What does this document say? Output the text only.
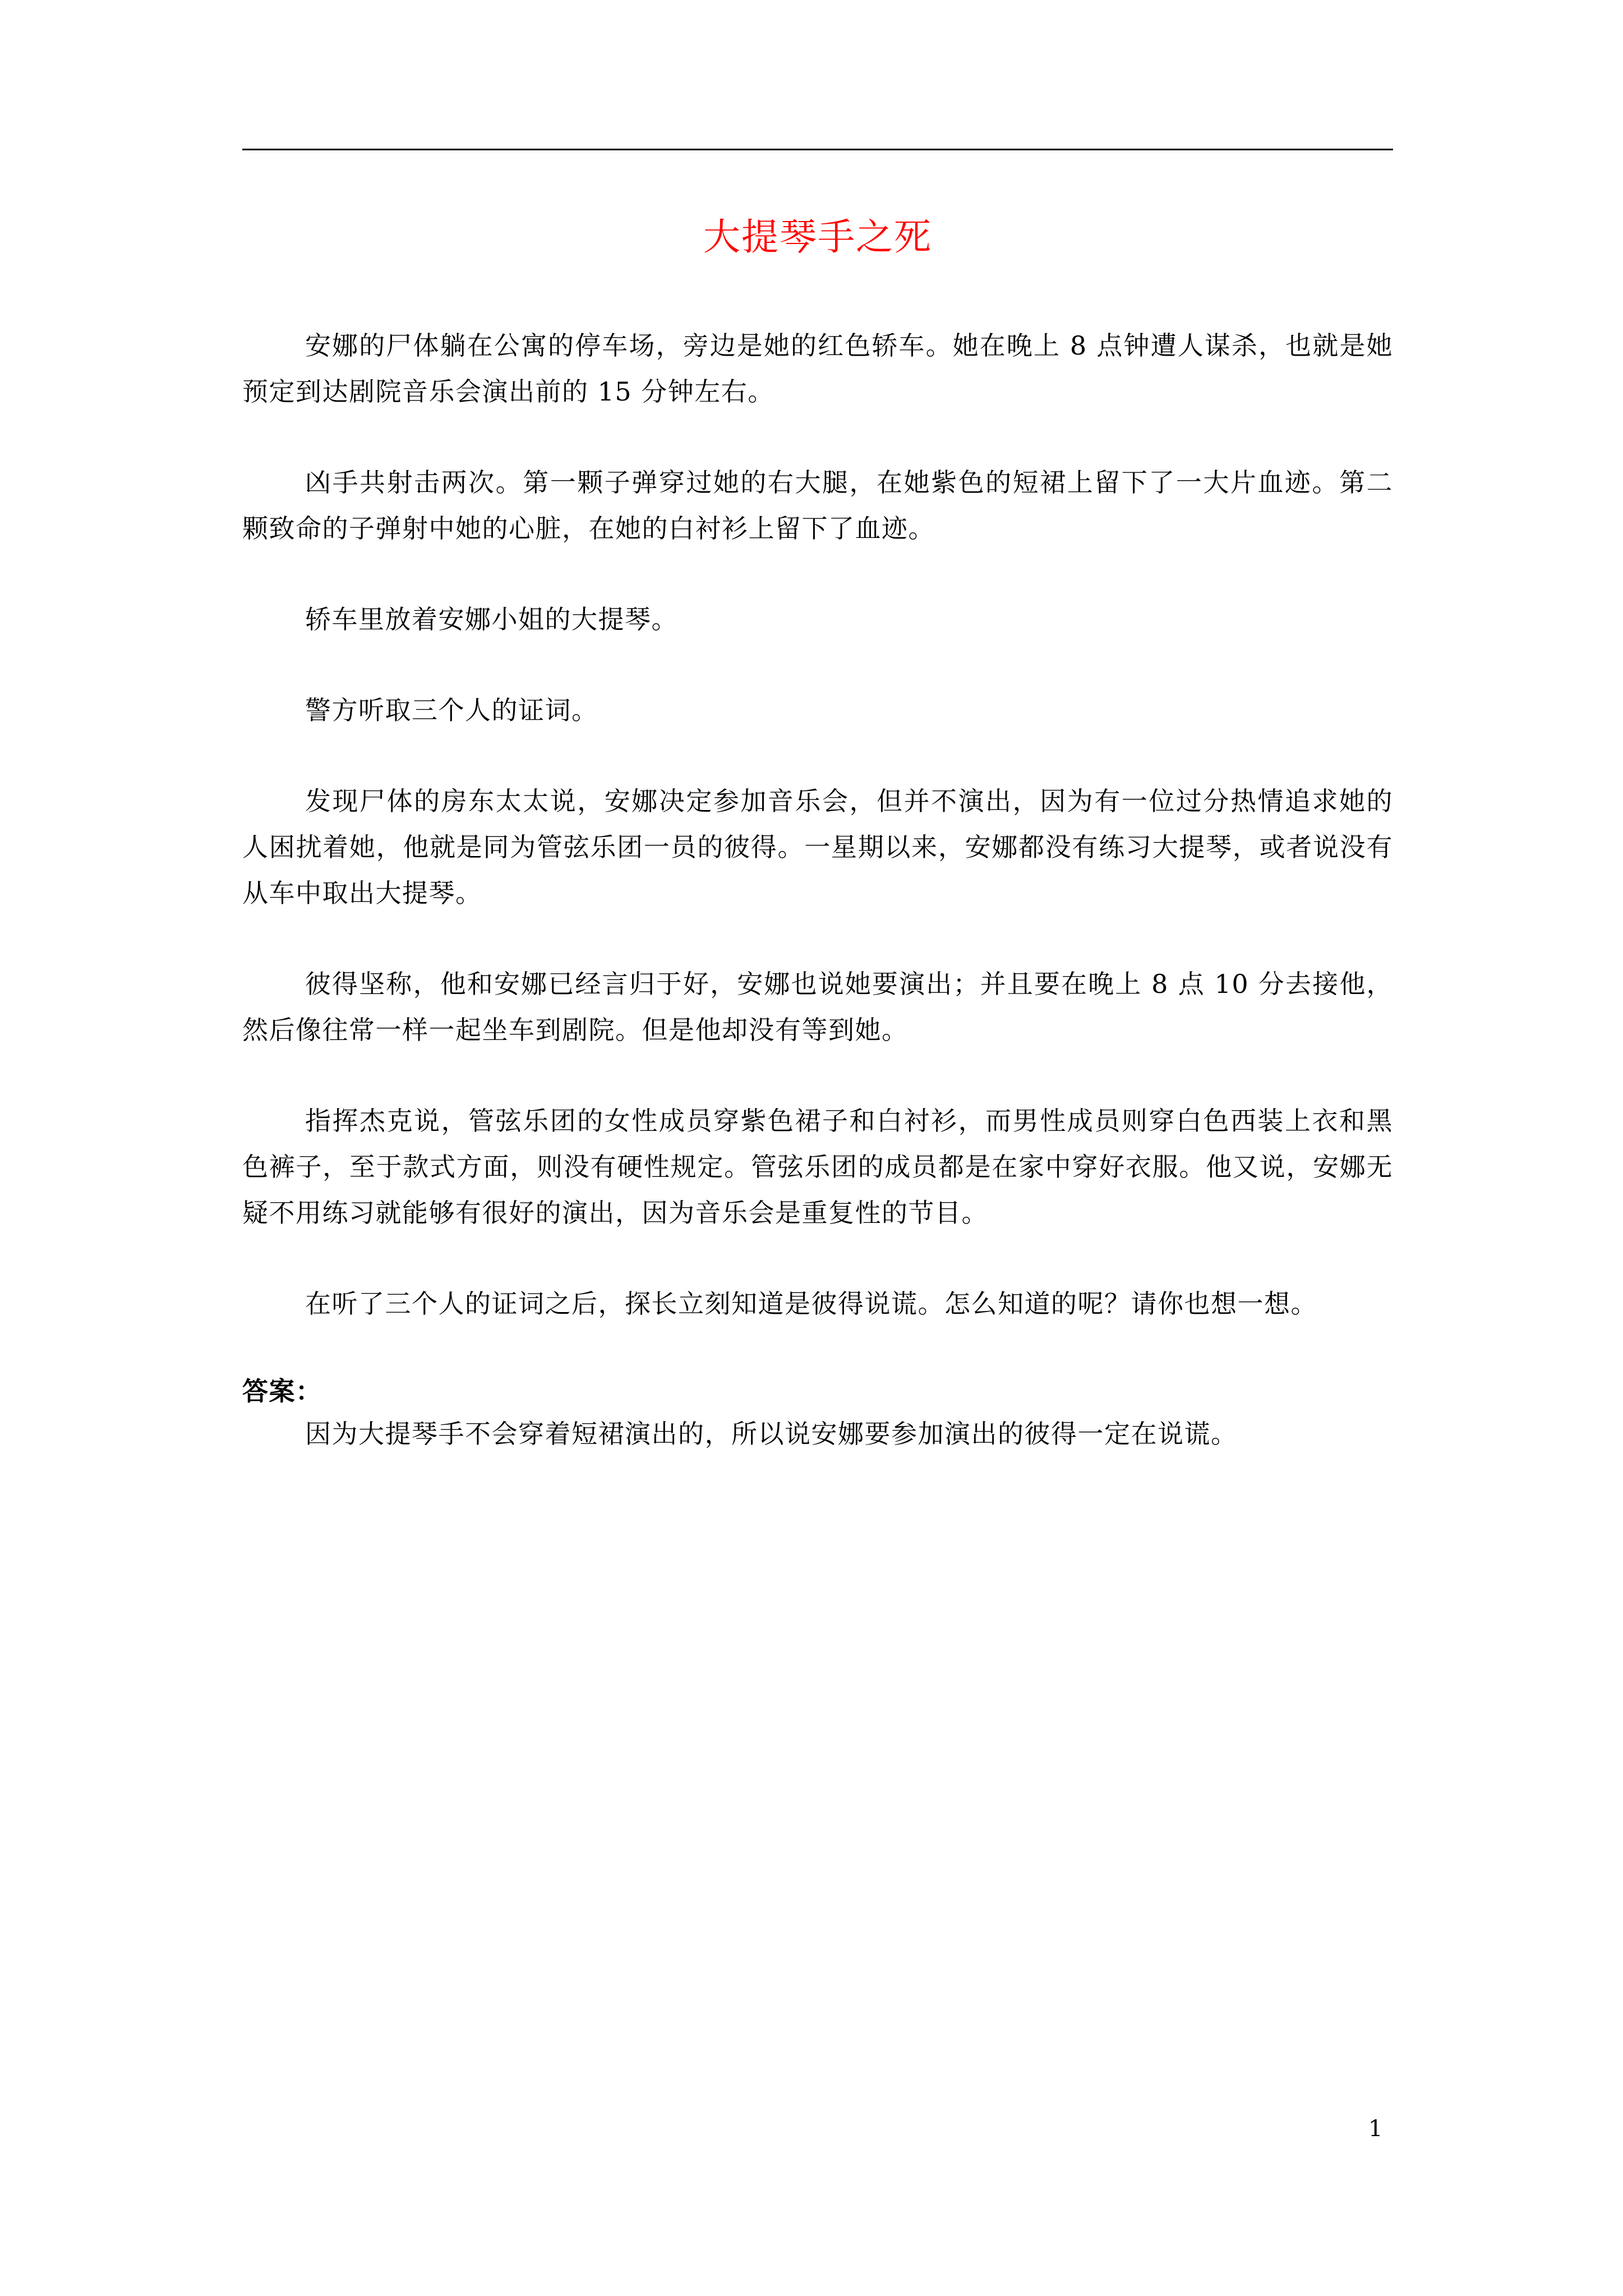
大提琴手之死

安娜的尸体躺在公寓的停车场，旁边是她的红色轿车。她在晚上 8 点钟遭人谋杀，也就是她预定到达剧院音乐会演出前的 15 分钟左右。

凶手共射击两次。第一颗子弹穿过她的右大腿，在她紫色的短裙上留下了一大片血迹。第二颗致命的子弹射中她的心脏，在她的白衬衫上留下了血迹。

轿车里放着安娜小姐的大提琴。

警方听取三个人的证词。

发现尸体的房东太太说，安娜决定参加音乐会，但并不演出，因为有一位过分热情追求她的人困扰着她，他就是同为管弦乐团一员的彼得。一星期以来，安娜都没有练习大提琴，或者说没有从车中取出大提琴。

彼得坚称，他和安娜已经言归于好，安娜也说她要演出；并且要在晚上 8 点 10 分去接他，然后像往常一样一起坐车到剧院。但是他却没有等到她。

指挥杰克说，管弦乐团的女性成员穿紫色裙子和白衬衫，而男性成员则穿白色西装上衣和黑色裤子，至于款式方面，则没有硬性规定。管弦乐团的成员都是在家中穿好衣服。他又说，安娜无疑不用练习就能够有很好的演出，因为音乐会是重复性的节目。

在听了三个人的证词之后，探长立刻知道是彼得说谎。怎么知道的呢？请你也想一想。

答案：

因为大提琴手不会穿着短裙演出的，所以说安娜要参加演出的彼得一定在说谎。

1
